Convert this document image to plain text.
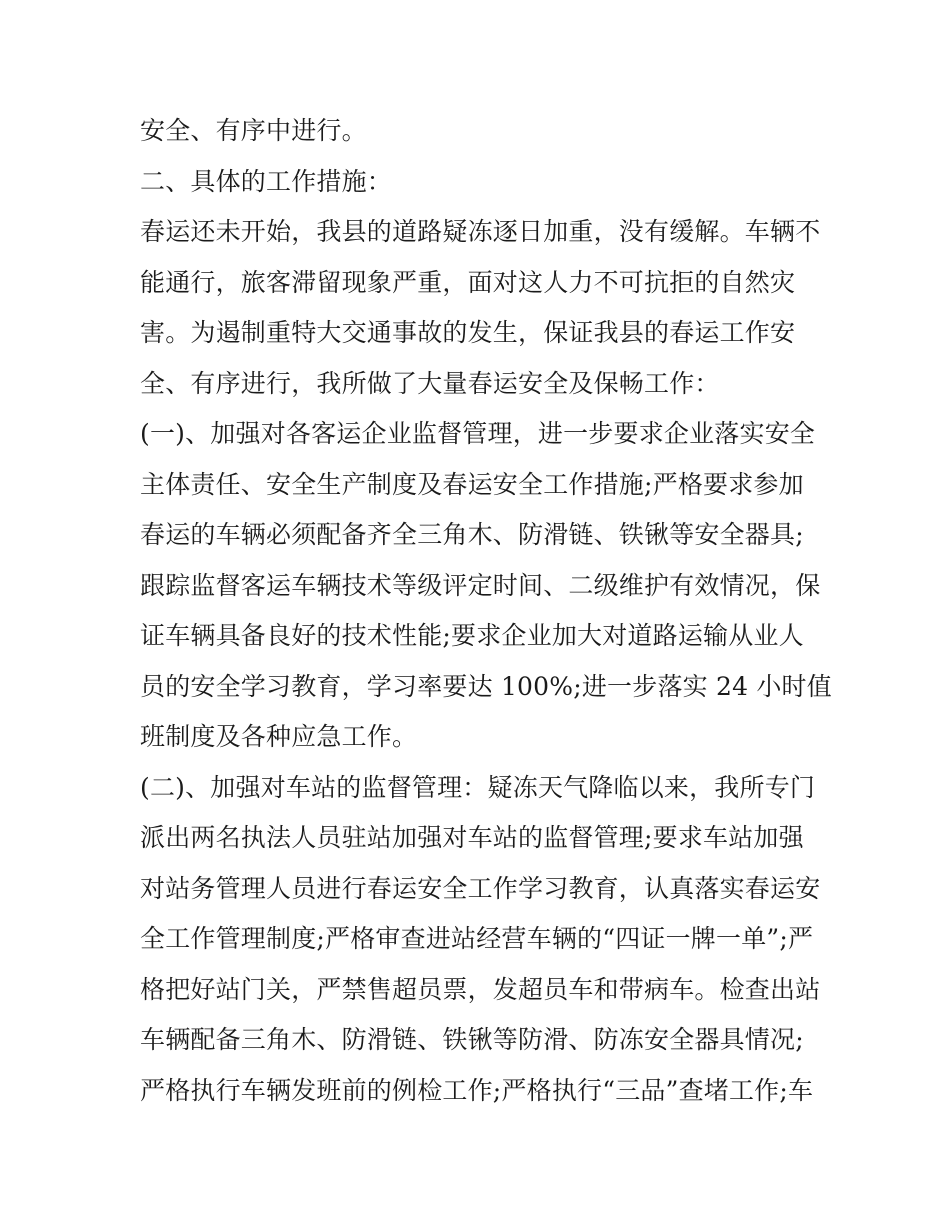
安全、有序中进行。
二、具体的工作措施：
春运还未开始，我县的道路疑冻逐日加重，没有缓解。车辆不
能通行，旅客滞留现象严重，面对这人力不可抗拒的自然灾
害。为遏制重特大交通事故的发生，保证我县的春运工作安
全、有序进行，我所做了大量春运安全及保畅工作：
(一)、加强对各客运企业监督管理，进一步要求企业落实安全
主体责任、安全生产制度及春运安全工作措施;严格要求参加
春运的车辆必须配备齐全三角木、防滑链、铁锹等安全器具;
跟踪监督客运车辆技术等级评定时间、二级维护有效情况，保
证车辆具备良好的技术性能;要求企业加大对道路运输从业人
员的安全学习教育，学习率要达 100%;进一步落实 24 小时值
班制度及各种应急工作。
(二)、加强对车站的监督管理：疑冻天气降临以来，我所专门
派出两名执法人员驻站加强对车站的监督管理;要求车站加强
对站务管理人员进行春运安全工作学习教育，认真落实春运安
全工作管理制度;严格审查进站经营车辆的“四证一牌一单”;严
格把好站门关，严禁售超员票，发超员车和带病车。检查出站
车辆配备三角木、防滑链、铁锹等防滑、防冻安全器具情况;
严格执行车辆发班前的例检工作;严格执行“三品”查堵工作;车
